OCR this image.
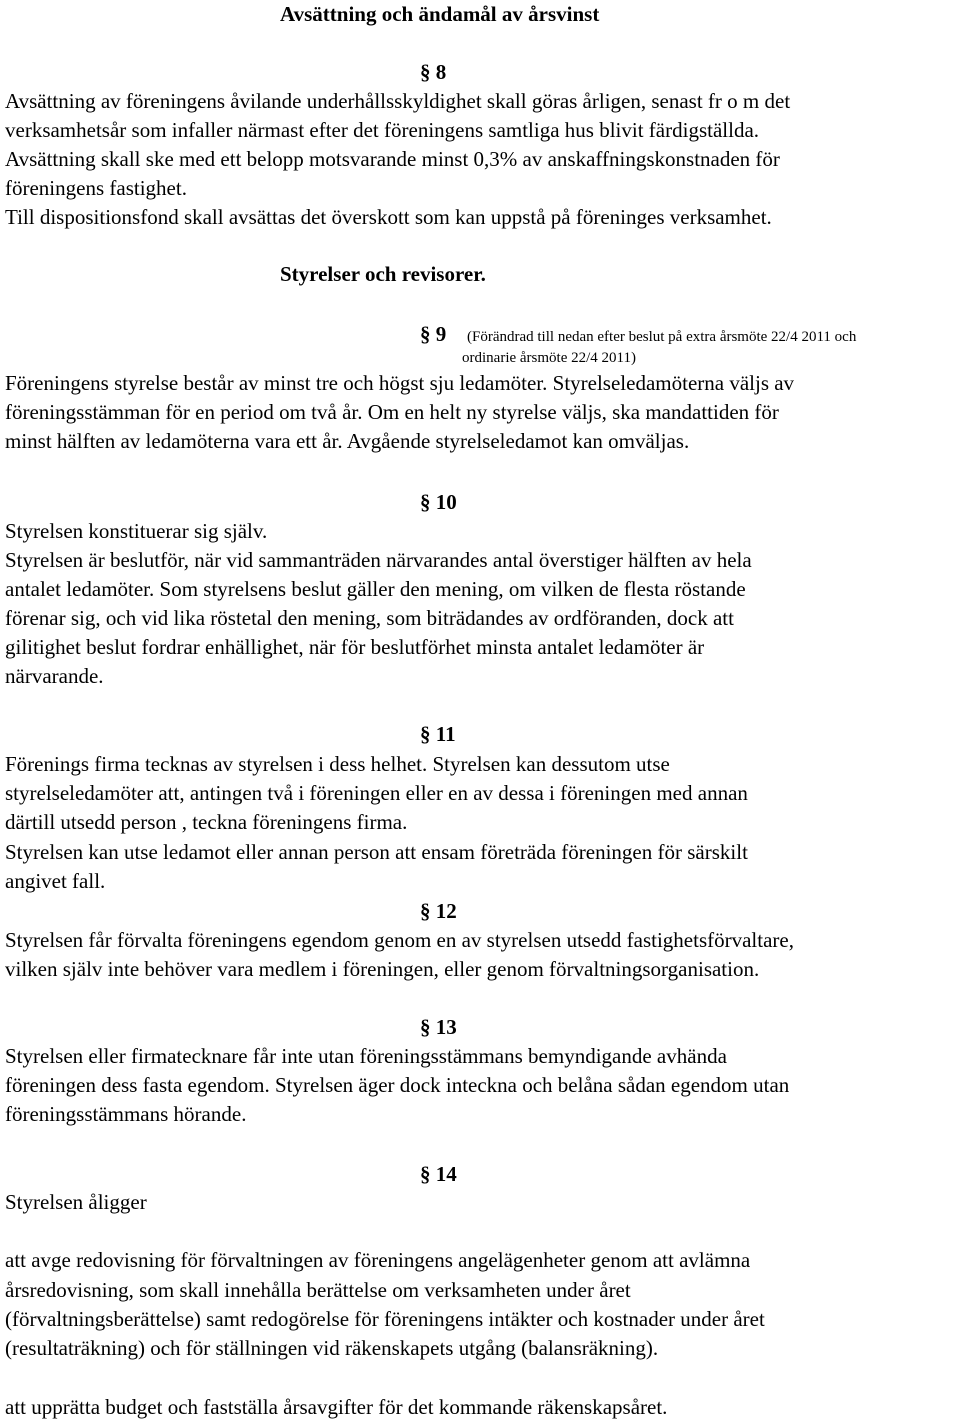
Avsättning och ändamål av årsvinst
§ 8
Avsättning av föreningens åvilande underhållsskyldighet skall göras årligen, senast fr o m det
verksamhetsår som infaller närmast efter det föreningens samtliga hus blivit färdigställda.
Avsättning skall ske med ett belopp motsvarande minst 0,3% av anskaffningskonstnaden för
föreningens fastighet.
Till dispositionsfond skall avsättas det överskott som kan uppstå på föreninges verksamhet.
Styrelser och revisorer.
§ 9 (Förändrad till nedan efter beslut på extra årsmöte 22/4 2011 och
ordinarie årsmöte 22/4 2011)
Föreningens styrelse består av minst tre och högst sju ledamöter. Styrelseledamöterna väljs av
föreningsstämman för en period om två år. Om en helt ny styrelse väljs, ska mandattiden för
minst hälften av ledamöterna vara ett år. Avgående styrelseledamot kan omväljas.
§ 10
Styrelsen konstituerar sig själv.
Styrelsen är beslutför, när vid sammanträden närvarandes antal överstiger hälften av hela
antalet ledamöter. Som styrelsens beslut gäller den mening, om vilken de flesta röstande
förenar sig, och vid lika röstetal den mening, som biträdandes av ordföranden, dock att
gilitighet beslut fordrar enhällighet, när för beslutförhet minsta antalet ledamöter är
närvarande.
§ 11
Förenings firma tecknas av styrelsen i dess helhet. Styrelsen kan dessutom utse
styrelseledamöter att, antingen två i föreningen eller en av dessa i föreningen med annan
därtill utsedd person , teckna föreningens firma.
Styrelsen kan utse ledamot eller annan person att ensam företräda föreningen för särskilt
angivet fall.
§ 12
Styrelsen får förvalta föreningens egendom genom en av styrelsen utsedd fastighetsförvaltare,
vilken själv inte behöver vara medlem i föreningen, eller genom förvaltningsorganisation.
§ 13
Styrelsen eller firmatecknare får inte utan föreningsstämmans bemyndigande avhända
föreningen dess fasta egendom. Styrelsen äger dock inteckna och belåna sådan egendom utan
föreningsstämmans hörande.
§ 14
Styrelsen åligger
att avge redovisning för förvaltningen av föreningens angelägenheter genom att avlämna
årsredovisning, som skall innehålla berättelse om verksamheten under året
(förvaltningsberättelse) samt redogörelse för föreningens intäkter och kostnader under året
(resultaträkning) och för ställningen vid räkenskapets utgång (balansräkning).
att upprätta budget och fastställa årsavgifter för det kommande räkenskapsåret.
